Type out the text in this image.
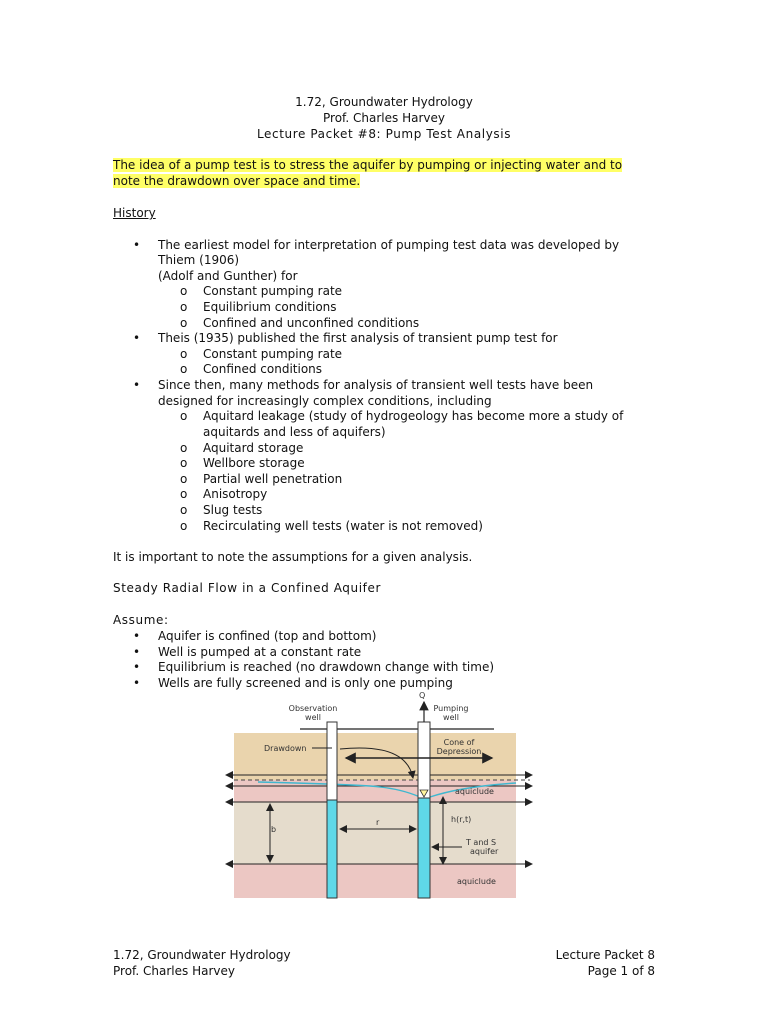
1.72, Groundwater Hydrology
Prof. Charles Harvey
Lecture Packet #8: Pump Test Analysis
The idea of a pump test is to stress the aquifer by pumping or injecting water and to
note the drawdown over space and time.
History
• The earliest model for interpretation of pumping test data was developed by
Thiem (1906)
(Adolf and Gunther) for
o Constant pumping rate
o Equilibrium conditions
o Confined and unconfined conditions
• Theis (1935) published the first analysis of transient pump test for
o Constant pumping rate
o Confined conditions
• Since then, many methods for analysis of transient well tests have been
designed for increasingly complex conditions, including
o Aquitard leakage (study of hydrogeology has become more a study of
aquitards and less of aquifers)
o Aquitard storage
o Wellbore storage
o Partial well penetration
o Anisotropy
o Slug tests
o Recirculating well tests (water is not removed)
It is important to note the assumptions for a given analysis.
Steady Radial Flow in a Confined Aquifer
Assume:
• Aquifer is confined (top and bottom)
• Well is pumped at a constant rate
• Equilibrium is reached (no drawdown change with time)
• Wells are fully screened and is only one pumping
Q
Observation
well
Pumping
well
Drawdown
Cone of
Depression
aquiclude
b
r	h(r,t)
T and S
aquifer
aquiclude
1.72, Groundwater Hydrology
Prof. Charles Harvey
Lecture Packet 8
Page 1 of 8
